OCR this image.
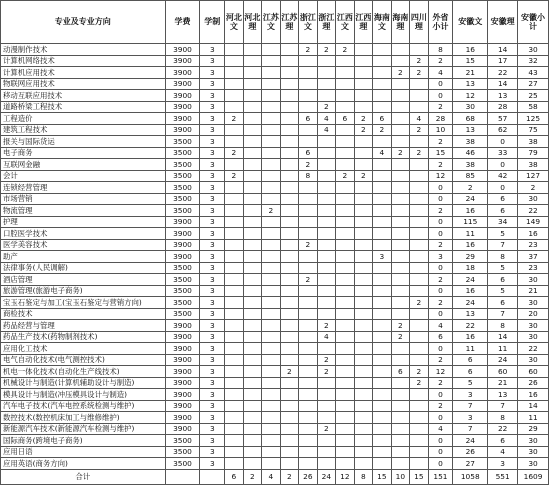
专业及专业方向	学费	学制	河北文	河北理	江苏文	江苏理	浙江文	浙江理	江西文	江西理	海南文	海南理	四川理	外省小计	安徽文	安徽理	安徽小计
动漫制作技术	3900	3					2	2	2					8	16	14	30
计算机网络技术	3900	3											2	2	15	17	32
计算机应用技术	3900	3										2	2	4	21	22	43
物联网应用技术	3900	3												0	13	14	27
移动互联应用技术	3900	3												0	12	13	25
道路桥梁工程技术	3900	3						2						2	30	28	58
工程造价	3900	3	2				6	4	6	2	6		4	28	68	57	125
建筑工程技术	3900	3						4		2	2		2	10	13	62	75
报关与国际货运	3500	3												2	38	0	38
电子商务	3500	3	2				6				4	2	2	15	46	33	79
互联网金融	3500	3					2							2	38	0	38
会计	3500	3	2				8		2	2				12	85	42	127
连锁经营管理	3500	3												0	2	0	2
市场营销	3500	3												0	24	6	30
物流管理	3500	3			2									2	16	6	22
护理	3900	3												0	115	34	149
口腔医学技术	3900	3												0	11	5	16
医学美容技术	3900	3					2							2	16	7	23
助产	3900	3									3			3	29	8	37
法律事务(人民调解)	3500	3												0	18	5	23
酒店管理	3500	3					2							2	24	6	30
旅游管理(旅游电子商务)	3500	3												0	16	5	21
宝玉石鉴定与加工(宝玉石鉴定与营销方向)	3500	3											2	2	24	6	30
商检技术	3500	3												0	13	7	20
药品经营与管理	3900	3						2				2		4	22	8	30
药品生产技术(药物制剂技术)	3900	3						4				2		6	16	14	30
应用化工技术	3900	3												0	11	11	22
电气自动化技术(电气测控技术)	3900	3						2						2	6	24	30
机电一体化技术(自动化生产线技术)	3900	3				2		2				6	2	12	6	60	60
机械设计与制造(计算机辅助设计与制造)	3900	3											2	2	5	21	26
模具设计与制造(冲压模具设计与制造)	3900	3												0	3	13	16
汽车电子技术(汽车电控系统检测与维护)	3900	3												2	7	7	14
数控技术(数控机床加工与维修维护)	3900	3												0	3	8	11
新能源汽车技术(新能源汽车检测与维护)	3900	3						2						4	7	22	29
国际商务(跨境电子商务)	3500	3												0	24	6	30
应用日语	3500	3												0	26	4	30
应用英语(商务方向)	3500	3												0	27	3	30
合计			6	2	4	2	26	24	12	8	15	10	15	151	1058	551	1609
